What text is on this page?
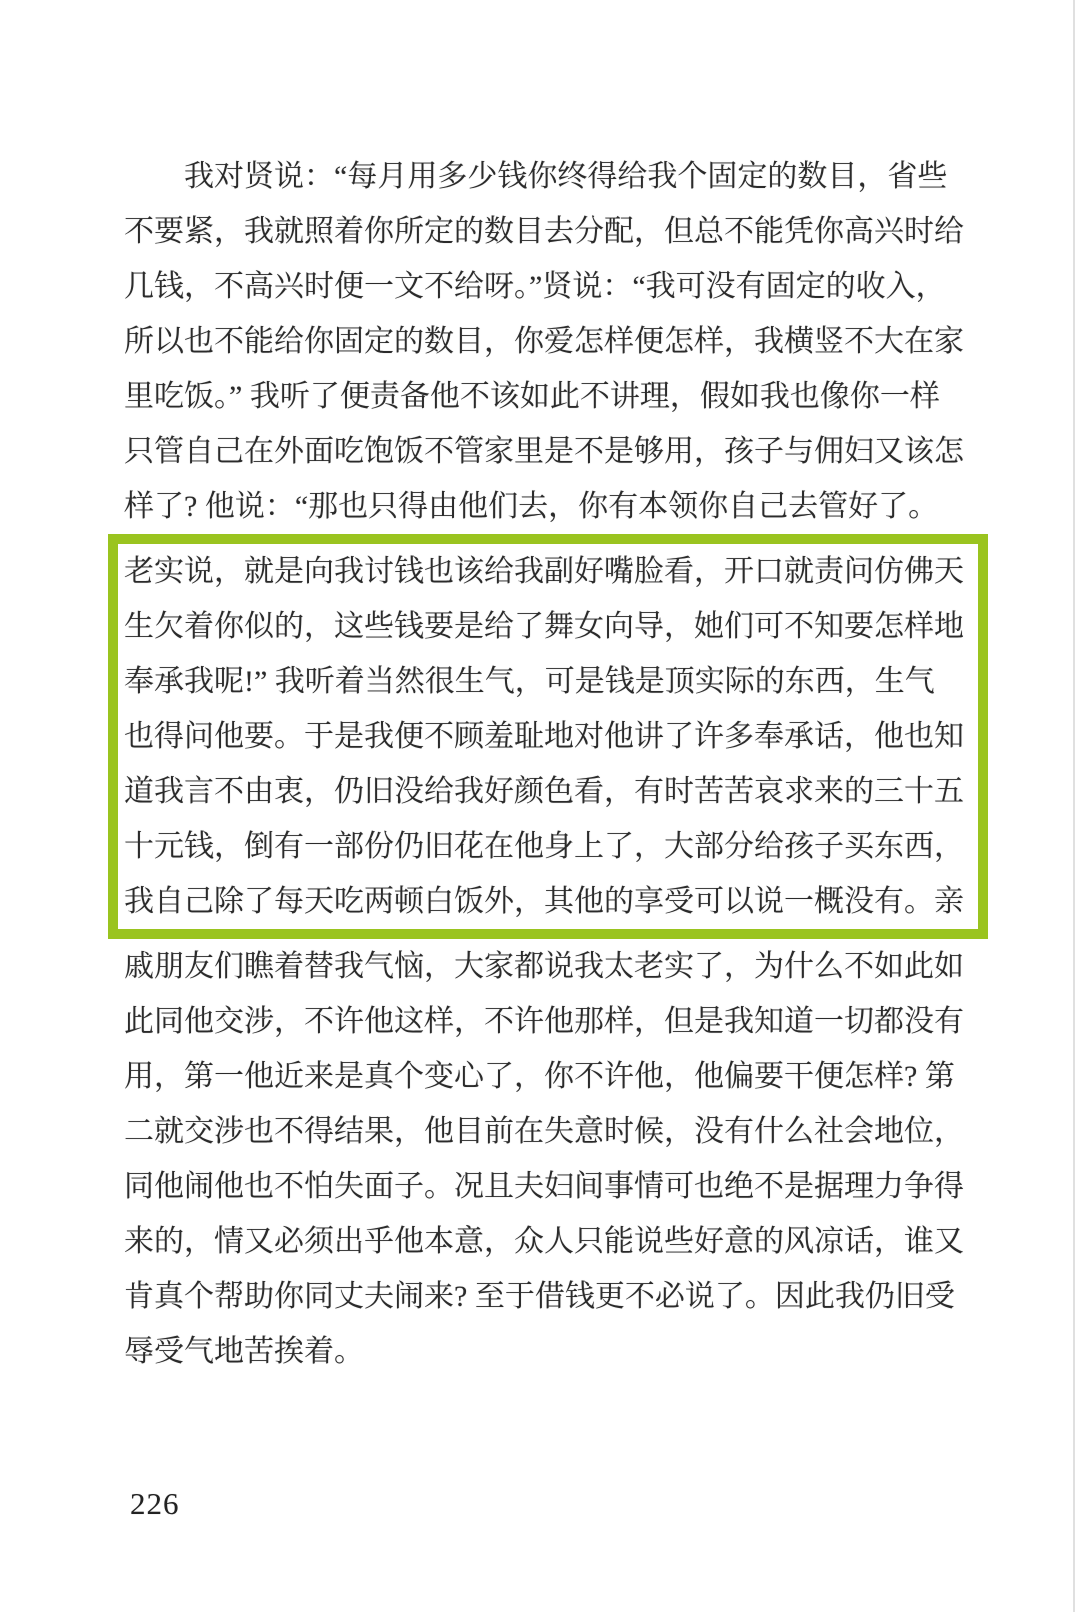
我对贤说：“每月用多少钱你终得给我个固定的数目，省些
不要紧，我就照着你所定的数目去分配，但总不能凭你高兴时给
几钱，不高兴时便一文不给呀。”贤说：“我可没有固定的收入，
所以也不能给你固定的数目，你爱怎样便怎样，我横竖不大在家
里吃饭。” 我听了便责备他不该如此不讲理，假如我也像你一样
只管自己在外面吃饱饭不管家里是不是够用，孩子与佣妇又该怎
样了? 他说：“那也只得由他们去，你有本领你自己去管好了。
老实说，就是向我讨钱也该给我副好嘴脸看，开口就责问仿佛天
生欠着你似的，这些钱要是给了舞女向导，她们可不知要怎样地
奉承我呢!” 我听着当然很生气，可是钱是顶实际的东西，生气
也得问他要。于是我便不顾羞耻地对他讲了许多奉承话，他也知
道我言不由衷，仍旧没给我好颜色看，有时苦苦哀求来的三十五
十元钱，倒有一部份仍旧花在他身上了，大部分给孩子买东西，
我自己除了每天吃两顿白饭外，其他的享受可以说一概没有。亲
戚朋友们瞧着替我气恼，大家都说我太老实了，为什么不如此如
此同他交涉，不许他这样，不许他那样，但是我知道一切都没有
用，第一他近来是真个变心了，你不许他，他偏要干便怎样? 第
二就交涉也不得结果，他目前在失意时候，没有什么社会地位，
同他闹他也不怕失面子。况且夫妇间事情可也绝不是据理力争得
来的，情又必须出乎他本意，众人只能说些好意的风凉话，谁又
肯真个帮助你同丈夫闹来? 至于借钱更不必说了。因此我仍旧受
辱受气地苦挨着。
226
